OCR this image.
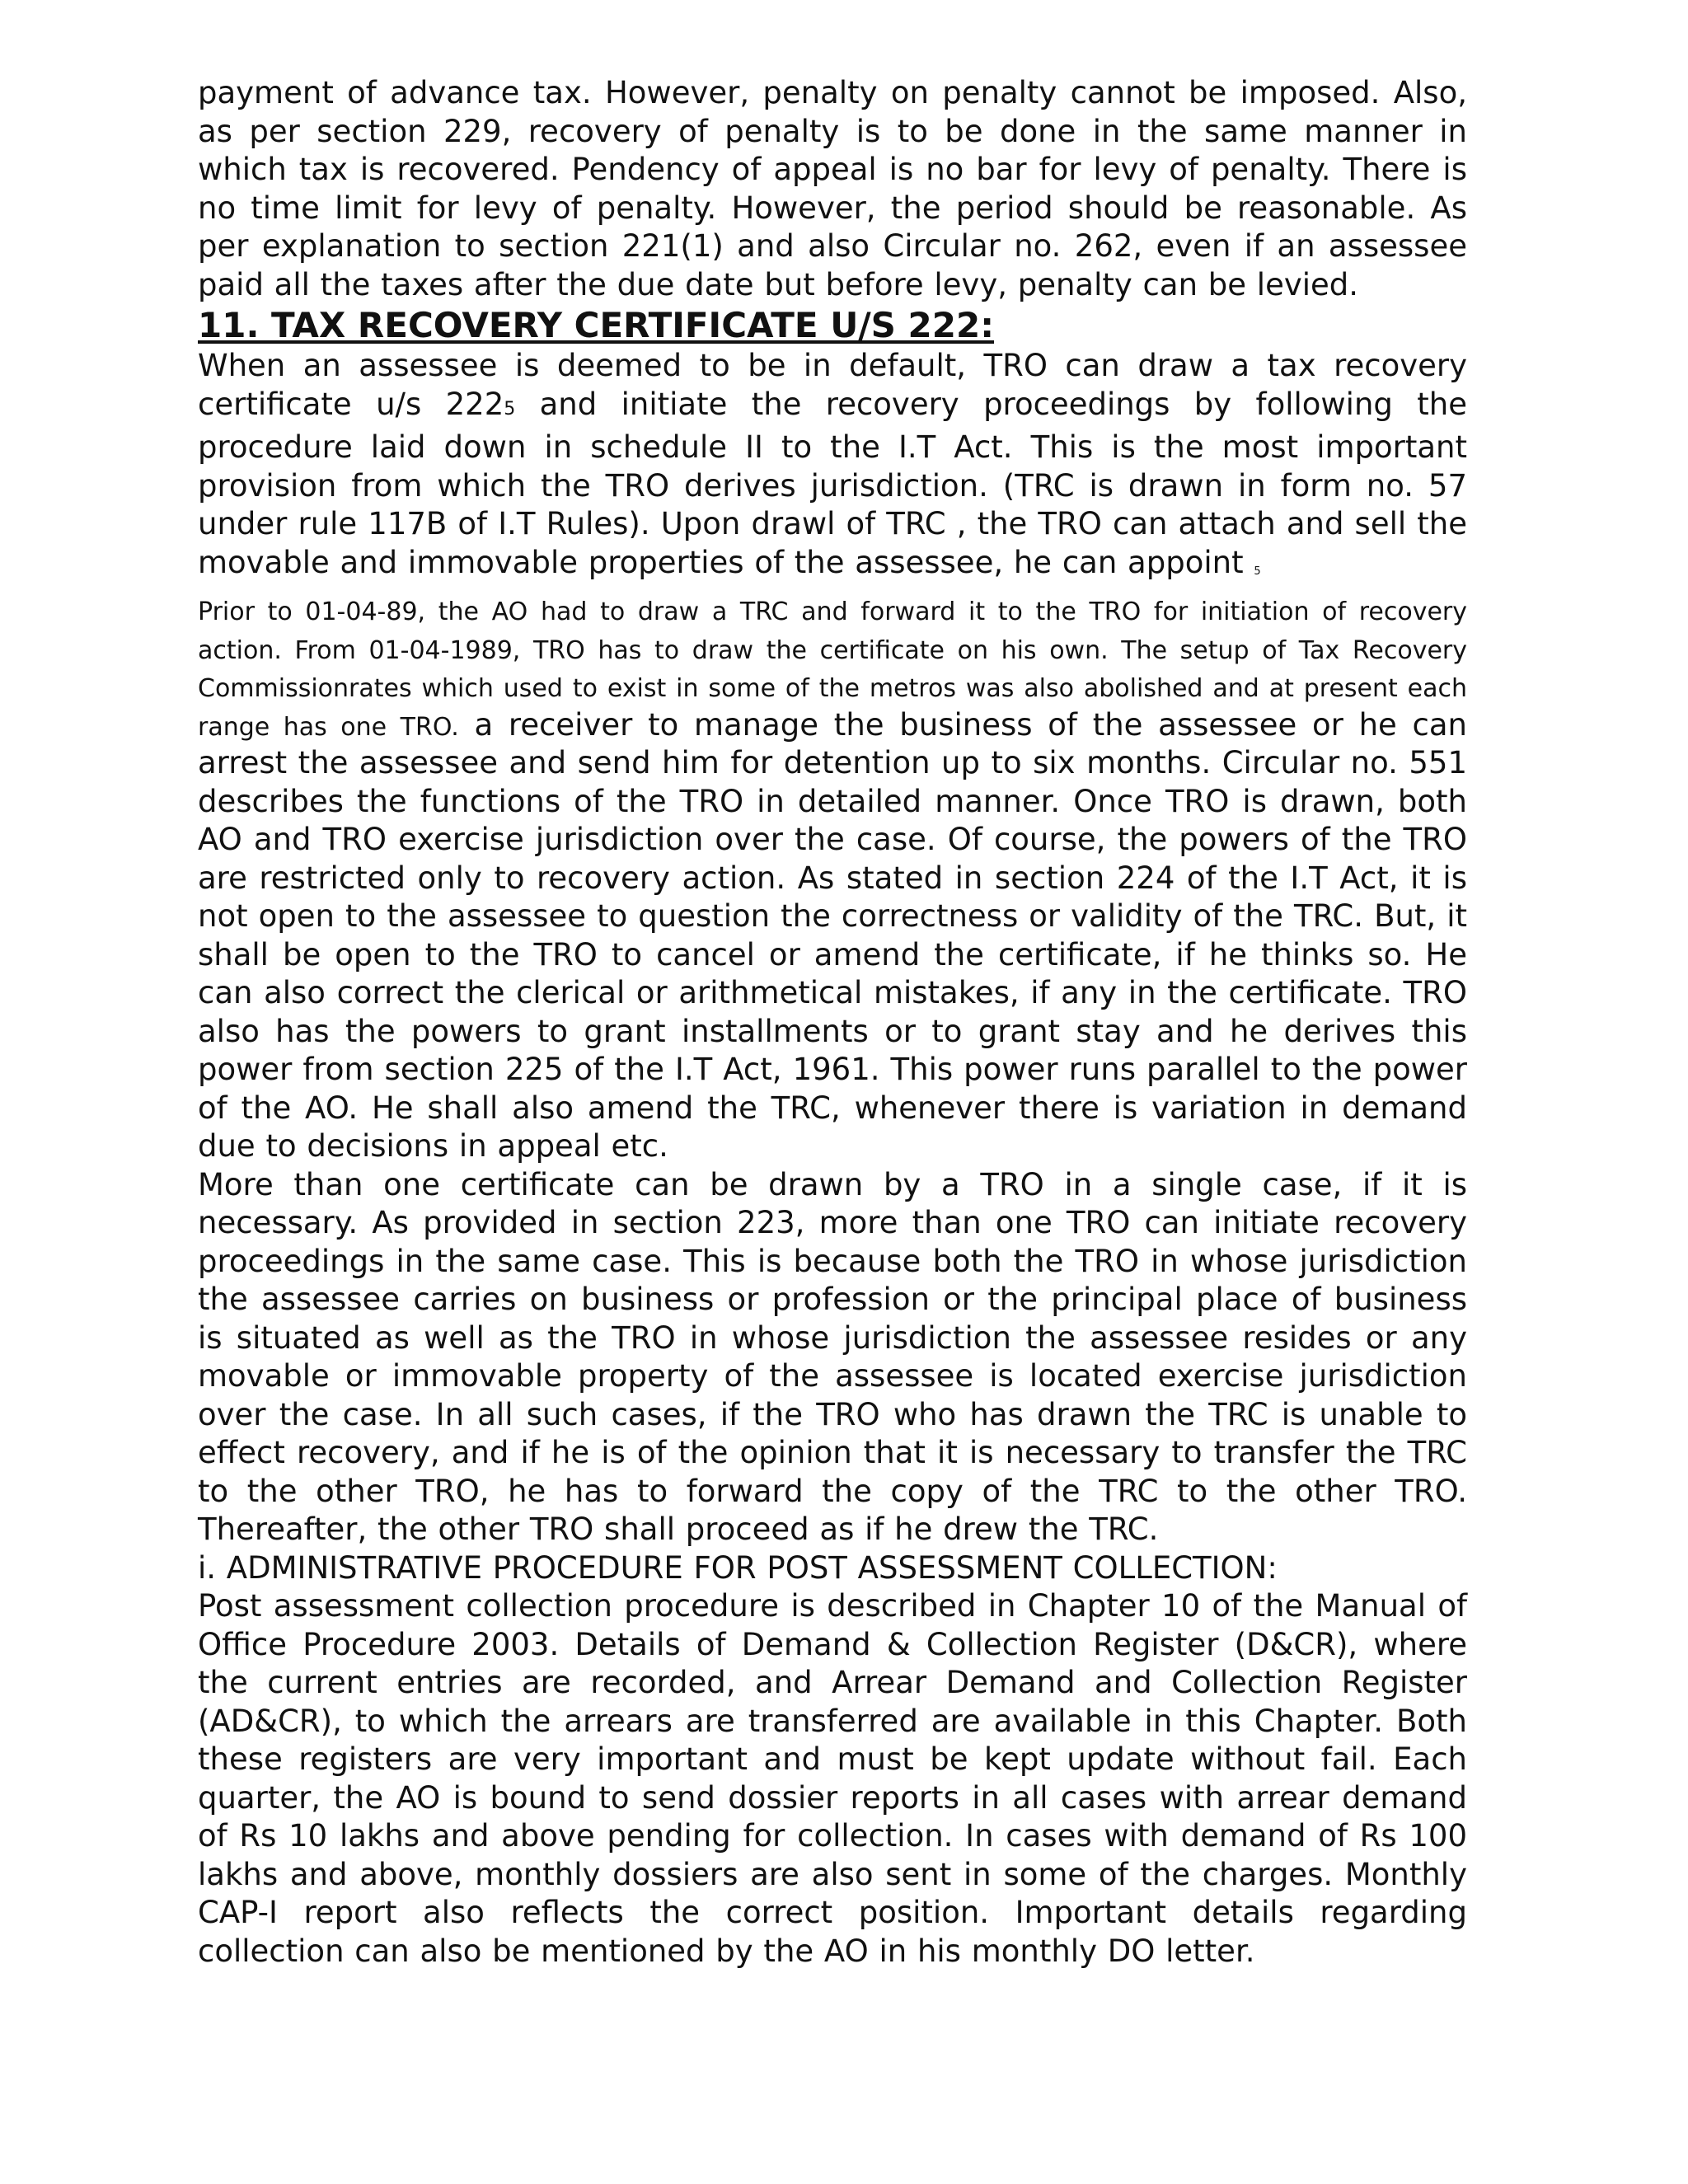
payment of advance tax. However, penalty on penalty cannot be imposed. Also, as per section 229, recovery of penalty is to be done in the same manner in which tax is recovered. Pendency of appeal is no bar for levy of penalty. There is no time limit for levy of penalty. However, the period should be reasonable. As per explanation to section 221(1) and also Circular no. 262, even if an assessee paid all the taxes after the due date but before levy, penalty can be levied.

11. TAX RECOVERY CERTIFICATE U/S 222:

When an assessee is deemed to be in default, TRO can draw a tax recovery certificate u/s 2225 and initiate the recovery proceedings by following the procedure laid down in schedule II to the I.T Act. This is the most important provision from which the TRO derives jurisdiction. (TRC is drawn in form no. 57 under rule 117B of I.T Rules). Upon drawl of TRC , the TRO can attach and sell the movable and immovable properties of the assessee, he can appoint 5
Prior to 01-04-89, the AO had to draw a TRC and forward it to the TRO for initiation of recovery action. From 01-04-1989, TRO has to draw the certificate on his own. The setup of Tax Recovery Commissionrates which used to exist in some of the metros was also abolished and at present each range has one TRO. a receiver to manage the business of the assessee or he can arrest the assessee and send him for detention up to six months. Circular no. 551 describes the functions of the TRO in detailed manner. Once TRO is drawn, both AO and TRO exercise jurisdiction over the case. Of course, the powers of the TRO are restricted only to recovery action. As stated in section 224 of the I.T Act, it is not open to the assessee to question the correctness or validity of the TRC. But, it shall be open to the TRO to cancel or amend the certificate, if he thinks so. He can also correct the clerical or arithmetical mistakes, if any in the certificate. TRO also has the powers to grant installments or to grant stay and he derives this power from section 225 of the I.T Act, 1961. This power runs parallel to the power of the AO. He shall also amend the TRC, whenever there is variation in demand due to decisions in appeal etc.

More than one certificate can be drawn by a TRO in a single case, if it is necessary. As provided in section 223, more than one TRO can initiate recovery proceedings in the same case. This is because both the TRO in whose jurisdiction the assessee carries on business or profession or the principal place of business is situated as well as the TRO in whose jurisdiction the assessee resides or any movable or immovable property of the assessee is located exercise jurisdiction over the case. In all such cases, if the TRO who has drawn the TRC is unable to effect recovery, and if he is of the opinion that it is necessary to transfer the TRC to the other TRO, he has to forward the copy of the TRC to the other TRO. Thereafter, the other TRO shall proceed as if he drew the TRC.

i. ADMINISTRATIVE PROCEDURE FOR POST ASSESSMENT COLLECTION:

Post assessment collection procedure is described in Chapter 10 of the Manual of Office Procedure 2003. Details of Demand & Collection Register (D&CR), where the current entries are recorded, and Arrear Demand and Collection Register (AD&CR), to which the arrears are transferred are available in this Chapter. Both these registers are very important and must be kept update without fail. Each quarter, the AO is bound to send dossier reports in all cases with arrear demand of Rs 10 lakhs and above pending for collection. In cases with demand of Rs 100 lakhs and above, monthly dossiers are also sent in some of the charges. Monthly CAP-I report also reflects the correct position. Important details regarding collection can also be mentioned by the AO in his monthly DO letter.
